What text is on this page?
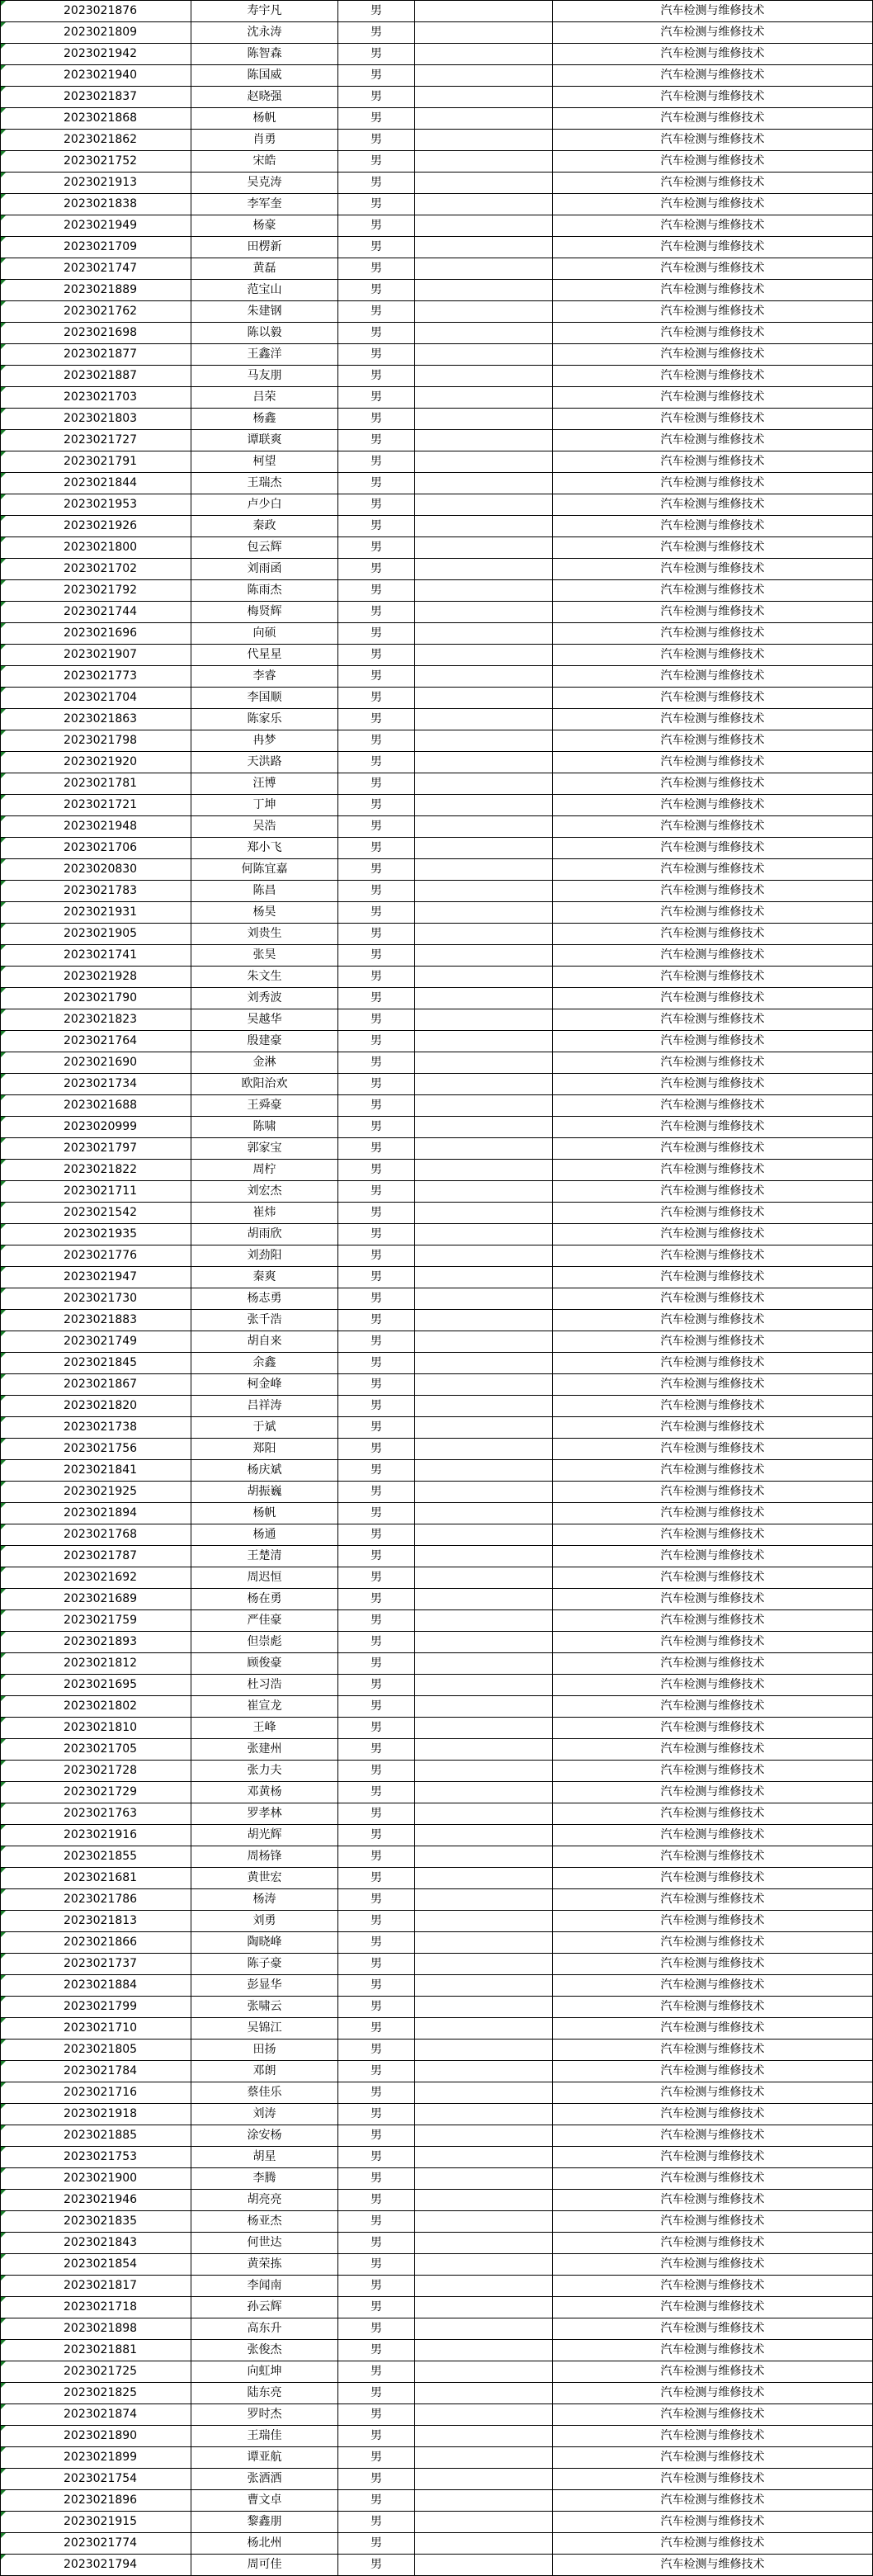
2023021876	寿宇凡	男		汽车检测与维修技术

2023021809	沈永涛	男		汽车检测与维修技术

2023021942	陈智森	男		汽车检测与维修技术

2023021940	陈国威	男		汽车检测与维修技术

2023021837	赵晓强	男		汽车检测与维修技术

2023021868	杨帆	男		汽车检测与维修技术

2023021862	肖勇	男		汽车检测与维修技术

2023021752	宋皓	男		汽车检测与维修技术

2023021913	吴克涛	男		汽车检测与维修技术

2023021838	李军奎	男		汽车检测与维修技术

2023021949	杨豪	男		汽车检测与维修技术

2023021709	田楞新	男		汽车检测与维修技术

2023021747	黄磊	男		汽车检测与维修技术

2023021889	范宝山	男		汽车检测与维修技术

2023021762	朱建钢	男		汽车检测与维修技术

2023021698	陈以毅	男		汽车检测与维修技术

2023021877	王鑫洋	男		汽车检测与维修技术

2023021887	马友朋	男		汽车检测与维修技术

2023021703	吕荣	男		汽车检测与维修技术

2023021803	杨鑫	男		汽车检测与维修技术

2023021727	谭联爽	男		汽车检测与维修技术

2023021791	柯望	男		汽车检测与维修技术

2023021844	王瑞杰	男		汽车检测与维修技术

2023021953	卢少白	男		汽车检测与维修技术

2023021926	秦政	男		汽车检测与维修技术

2023021800	包云辉	男		汽车检测与维修技术

2023021702	刘雨函	男		汽车检测与维修技术

2023021792	陈雨杰	男		汽车检测与维修技术

2023021744	梅贤辉	男		汽车检测与维修技术

2023021696	向硕	男		汽车检测与维修技术

2023021907	代星星	男		汽车检测与维修技术

2023021773	李睿	男		汽车检测与维修技术

2023021704	李国顺	男		汽车检测与维修技术

2023021863	陈家乐	男		汽车检测与维修技术

2023021798	冉梦	男		汽车检测与维修技术

2023021920	天洪路	男		汽车检测与维修技术

2023021781	汪博	男		汽车检测与维修技术

2023021721	丁坤	男		汽车检测与维修技术

2023021948	吴浩	男		汽车检测与维修技术

2023021706	郑小飞	男		汽车检测与维修技术

2023020830	何陈宜嘉	男		汽车检测与维修技术

2023021783	陈昌	男		汽车检测与维修技术

2023021931	杨昊	男		汽车检测与维修技术

2023021905	刘贵生	男		汽车检测与维修技术

2023021741	张昊	男		汽车检测与维修技术

2023021928	朱文生	男		汽车检测与维修技术

2023021790	刘秀波	男		汽车检测与维修技术

2023021823	吴越华	男		汽车检测与维修技术

2023021764	殷建豪	男		汽车检测与维修技术

2023021690	金淋	男		汽车检测与维修技术

2023021734	欧阳治欢	男		汽车检测与维修技术

2023021688	王舜豪	男		汽车检测与维修技术

2023020999	陈啸	男		汽车检测与维修技术

2023021797	郭家宝	男		汽车检测与维修技术

2023021822	周柠	男		汽车检测与维修技术

2023021711	刘宏杰	男		汽车检测与维修技术

2023021542	崔炜	男		汽车检测与维修技术

2023021935	胡雨欣	男		汽车检测与维修技术

2023021776	刘劲阳	男		汽车检测与维修技术

2023021947	秦爽	男		汽车检测与维修技术

2023021730	杨志勇	男		汽车检测与维修技术

2023021883	张千浩	男		汽车检测与维修技术

2023021749	胡自来	男		汽车检测与维修技术

2023021845	余鑫	男		汽车检测与维修技术

2023021867	柯金峰	男		汽车检测与维修技术

2023021820	吕祥涛	男		汽车检测与维修技术

2023021738	于斌	男		汽车检测与维修技术

2023021756	郑阳	男		汽车检测与维修技术

2023021841	杨庆斌	男		汽车检测与维修技术

2023021925	胡振巍	男		汽车检测与维修技术

2023021894	杨帆	男		汽车检测与维修技术

2023021768	杨通	男		汽车检测与维修技术

2023021787	王楚清	男		汽车检测与维修技术

2023021692	周迟恒	男		汽车检测与维修技术

2023021689	杨在勇	男		汽车检测与维修技术

2023021759	严佳豪	男		汽车检测与维修技术

2023021893	但崇彪	男		汽车检测与维修技术

2023021812	顾俊豪	男		汽车检测与维修技术

2023021695	杜习浩	男		汽车检测与维修技术

2023021802	崔宣龙	男		汽车检测与维修技术

2023021810	王峰	男		汽车检测与维修技术

2023021705	张建州	男		汽车检测与维修技术

2023021728	张力夫	男		汽车检测与维修技术

2023021729	邓黄杨	男		汽车检测与维修技术

2023021763	罗孝林	男		汽车检测与维修技术

2023021916	胡光辉	男		汽车检测与维修技术

2023021855	周杨锋	男		汽车检测与维修技术

2023021681	黄世宏	男		汽车检测与维修技术

2023021786	杨涛	男		汽车检测与维修技术

2023021813	刘勇	男		汽车检测与维修技术

2023021866	陶晓峰	男		汽车检测与维修技术

2023021737	陈子豪	男		汽车检测与维修技术

2023021884	彭显华	男		汽车检测与维修技术

2023021799	张啸云	男		汽车检测与维修技术

2023021710	吴锦江	男		汽车检测与维修技术

2023021805	田扬	男		汽车检测与维修技术

2023021784	邓朗	男		汽车检测与维修技术

2023021716	蔡佳乐	男		汽车检测与维修技术

2023021918	刘涛	男		汽车检测与维修技术

2023021885	涂安杨	男		汽车检测与维修技术

2023021753	胡星	男		汽车检测与维修技术

2023021900	李腾	男		汽车检测与维修技术

2023021946	胡亮亮	男		汽车检测与维修技术

2023021835	杨亚杰	男		汽车检测与维修技术

2023021843	何世达	男		汽车检测与维修技术

2023021854	黄荣拣	男		汽车检测与维修技术

2023021817	李闻南	男		汽车检测与维修技术

2023021718	孙云辉	男		汽车检测与维修技术

2023021898	高东升	男		汽车检测与维修技术

2023021881	张俊杰	男		汽车检测与维修技术

2023021725	向虹坤	男		汽车检测与维修技术

2023021825	陆东亮	男		汽车检测与维修技术

2023021874	罗时杰	男		汽车检测与维修技术

2023021890	王瑞佳	男		汽车检测与维修技术

2023021899	谭亚航	男		汽车检测与维修技术

2023021754	张洒洒	男		汽车检测与维修技术

2023021896	曹文卓	男		汽车检测与维修技术

2023021915	黎鑫朋	男		汽车检测与维修技术

2023021774	杨北州	男		汽车检测与维修技术

2023021794	周可佳	男		汽车检测与维修技术
